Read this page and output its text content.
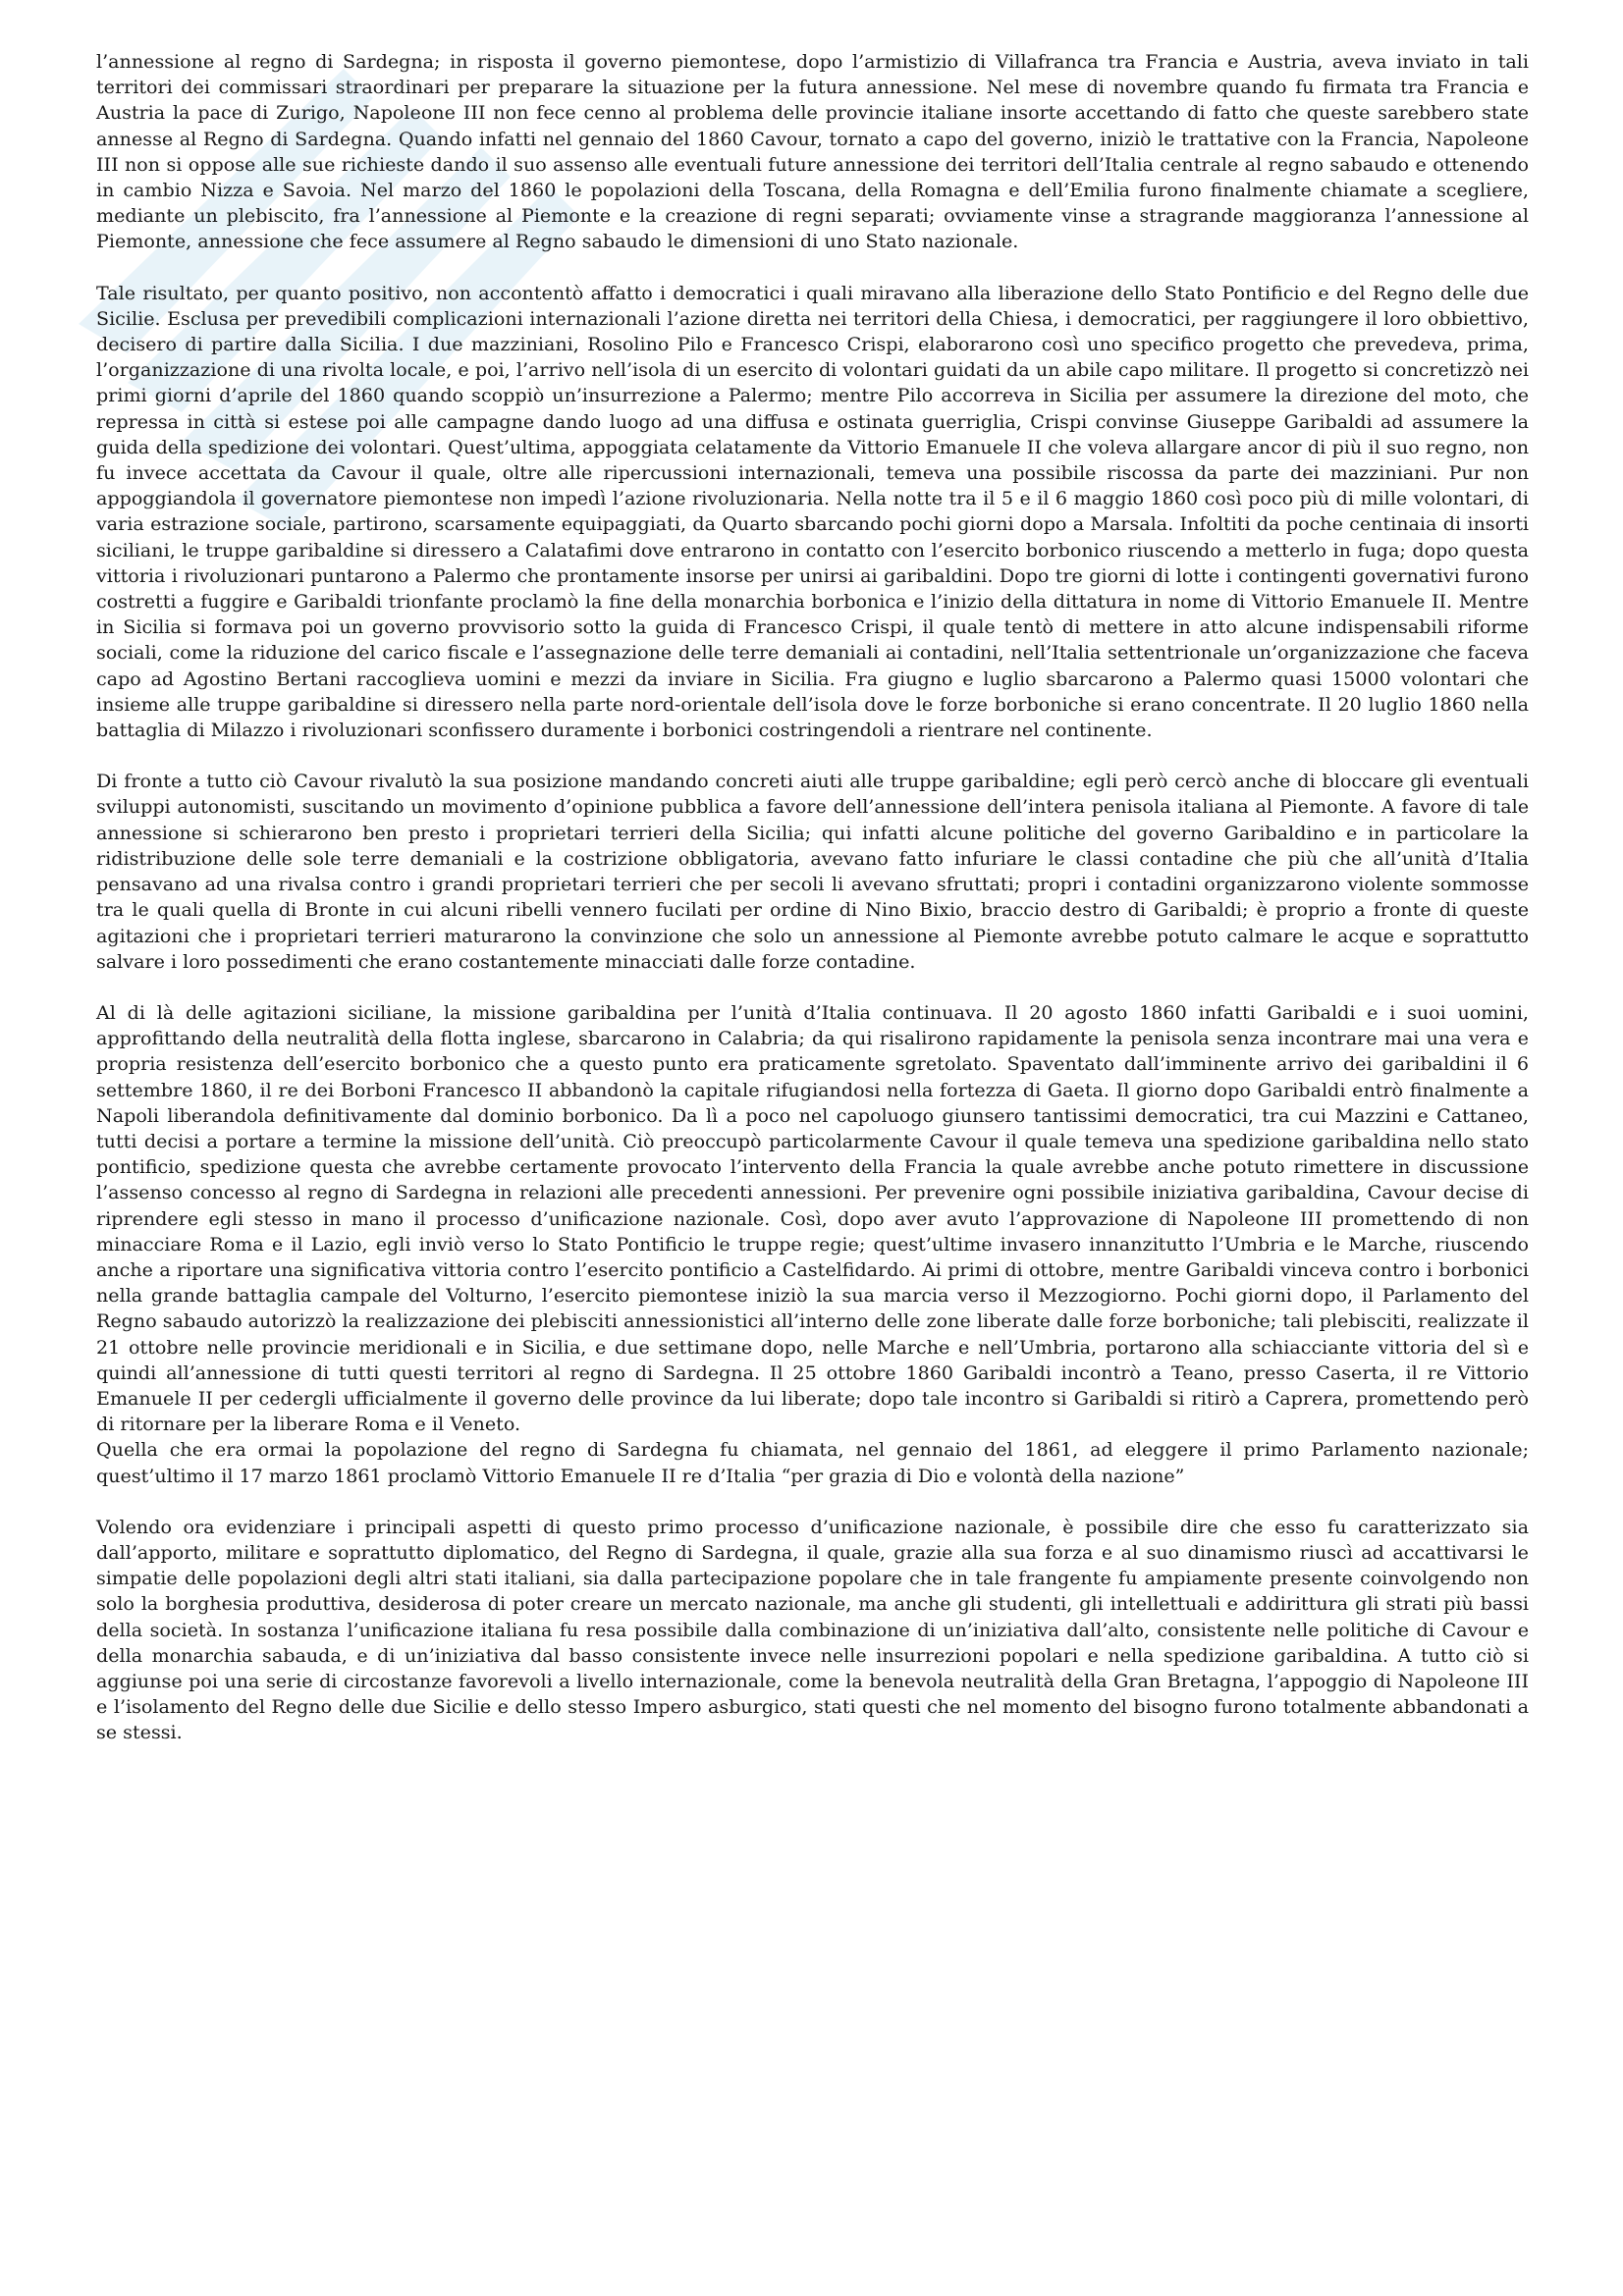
l’annessione al regno di Sardegna; in risposta il governo piemontese, dopo l’armistizio di Villafranca tra Francia e Austria, aveva inviato in tali territori dei commissari straordinari per preparare la situazione per la futura annessione. Nel mese di novembre quando fu firmata tra Francia e Austria la pace di Zurigo, Napoleone III non fece cenno al problema delle provincie italiane insorte accettando di fatto che queste sarebbero state annesse al Regno di Sardegna. Quando infatti nel gennaio del 1860 Cavour, tornato a capo del governo, iniziò le trattative con la Francia, Napoleone III non si oppose alle sue richieste dando il suo assenso alle eventuali future annessione dei territori dell’Italia centrale al regno sabaudo e ottenendo in cambio Nizza e Savoia. Nel marzo del 1860 le popolazioni della Toscana, della Romagna e dell’Emilia furono finalmente chiamate a scegliere, mediante un plebiscito, fra l’annessione al Piemonte e la creazione di regni separati; ovviamente vinse a stragrande maggioranza l’annessione al Piemonte, annessione che fece assumere al Regno sabaudo le dimensioni di uno Stato nazionale.

Tale risultato, per quanto positivo, non accontentò affatto i democratici i quali miravano alla liberazione dello Stato Pontificio e del Regno delle due Sicilie. Esclusa per prevedibili complicazioni internazionali l’azione diretta nei territori della Chiesa, i democratici, per raggiungere il loro obbiettivo, decisero di partire dalla Sicilia. I due mazziniani, Rosolino Pilo e Francesco Crispi, elaborarono così uno specifico progetto che prevedeva, prima, l’organizzazione di una rivolta locale, e poi, l’arrivo nell’isola di un esercito di volontari guidati da un abile capo militare. Il progetto si concretizzò nei primi giorni d’aprile del 1860 quando scoppiò un’insurrezione a Palermo; mentre Pilo accorreva in Sicilia per assumere la direzione del moto, che repressa in città si estese poi alle campagne dando luogo ad una diffusa e ostinata guerriglia, Crispi convinse Giuseppe Garibaldi ad assumere la guida della spedizione dei volontari. Quest’ultima, appoggiata celatamente da Vittorio Emanuele II che voleva allargare ancor di più il suo regno, non fu invece accettata da Cavour il quale, oltre alle ripercussioni internazionali, temeva una possibile riscossa da parte dei mazziniani. Pur non appoggiandola il governatore piemontese non impedì l’azione rivoluzionaria. Nella notte tra il 5 e il 6 maggio 1860 così poco più di mille volontari, di varia estrazione sociale, partirono, scarsamente equipaggiati, da Quarto sbarcando pochi giorni dopo a Marsala. Infoltiti da poche centinaia di insorti siciliani, le truppe garibaldine si diressero a Calatafimi dove entrarono in contatto con l’esercito borbonico riuscendo a metterlo in fuga; dopo questa vittoria i rivoluzionari puntarono a Palermo che prontamente insorse per unirsi ai garibaldini. Dopo tre giorni di lotte i contingenti governativi furono costretti a fuggire e Garibaldi trionfante proclamò la fine della monarchia borbonica e l’inizio della dittatura in nome di Vittorio Emanuele II. Mentre in Sicilia si formava poi un governo provvisorio sotto la guida di Francesco Crispi, il quale tentò di mettere in atto alcune indispensabili riforme sociali, come la riduzione del carico fiscale e l’assegnazione delle terre demaniali ai contadini, nell’Italia settentrionale un’organizzazione che faceva capo ad Agostino Bertani raccoglieva uomini e mezzi da inviare in Sicilia. Fra giugno e luglio sbarcarono a Palermo quasi 15000 volontari che insieme alle truppe garibaldine si diressero nella parte nord-orientale dell’isola dove le forze borboniche si erano concentrate. Il 20 luglio 1860 nella battaglia di Milazzo i rivoluzionari sconfissero duramente i borbonici costringendoli a rientrare nel continente.

Di fronte a tutto ciò Cavour rivalutò la sua posizione mandando concreti aiuti alle truppe garibaldine; egli però cercò anche di bloccare gli eventuali sviluppi autonomisti, suscitando un movimento d’opinione pubblica a favore dell’annessione dell’intera penisola italiana al Piemonte. A favore di tale annessione si schierarono ben presto i proprietari terrieri della Sicilia; qui infatti alcune politiche del governo Garibaldino e in particolare la ridistribuzione delle sole terre demaniali e la costrizione obbligatoria, avevano fatto infuriare le classi contadine che più che all’unità d’Italia pensavano ad una rivalsa contro i grandi proprietari terrieri che per secoli li avevano sfruttati; propri i contadini organizzarono violente sommosse tra le quali quella di Bronte in cui alcuni ribelli vennero fucilati per ordine di Nino Bixio, braccio destro di Garibaldi; è proprio a fronte di queste agitazioni che i proprietari terrieri maturarono la convinzione che solo un annessione al Piemonte avrebbe potuto calmare le acque e soprattutto salvare i loro possedimenti che erano costantemente minacciati dalle forze contadine.

Al di là delle agitazioni siciliane, la missione garibaldina per l’unità d’Italia continuava. Il 20 agosto 1860 infatti Garibaldi e i suoi uomini, approfittando della neutralità della flotta inglese, sbarcarono in Calabria; da qui risalirono rapidamente la penisola senza incontrare mai una vera e propria resistenza dell’esercito borbonico che a questo punto era praticamente sgretolato. Spaventato dall’imminente arrivo dei garibaldini il 6 settembre 1860, il re dei Borboni Francesco II abbandonò la capitale rifugiandosi nella fortezza di Gaeta. Il giorno dopo Garibaldi entrò finalmente a Napoli liberandola definitivamente dal dominio borbonico. Da lì a poco nel capoluogo giunsero tantissimi democratici, tra cui Mazzini e Cattaneo, tutti decisi a portare a termine la missione dell’unità. Ciò preoccupò particolarmente Cavour il quale temeva una spedizione garibaldina nello stato pontificio, spedizione questa che avrebbe certamente provocato l’intervento della Francia la quale avrebbe anche potuto rimettere in discussione l’assenso concesso al regno di Sardegna in relazioni alle precedenti annessioni. Per prevenire ogni possibile iniziativa garibaldina, Cavour decise di riprendere egli stesso in mano il processo d’unificazione nazionale. Così, dopo aver avuto l’approvazione di Napoleone III promettendo di non minacciare Roma e il Lazio, egli inviò verso lo Stato Pontificio le truppe regie; quest’ultime invasero innanzitutto l’Umbria e le Marche, riuscendo anche a riportare una significativa vittoria contro l’esercito pontificio a Castelfidardo. Ai primi di ottobre, mentre Garibaldi vinceva contro i borbonici nella grande battaglia campale del Volturno, l’esercito piemontese iniziò la sua marcia verso il Mezzogiorno. Pochi giorni dopo, il Parlamento del Regno sabaudo autorizzò la realizzazione dei plebisciti annessionistici all’interno delle zone liberate dalle forze borboniche; tali plebisciti, realizzate il 21 ottobre nelle provincie meridionali e in Sicilia, e due settimane dopo, nelle Marche e nell’Umbria, portarono alla schiacciante vittoria del sì e quindi all’annessione di tutti questi territori al regno di Sardegna. Il 25 ottobre 1860 Garibaldi incontrò a Teano, presso Caserta, il re Vittorio Emanuele II per cedergli ufficialmente il governo delle province da lui liberate; dopo tale incontro si Garibaldi si ritirò a Caprera, promettendo però di ritornare per la liberare Roma e il Veneto.

Quella che era ormai la popolazione del regno di Sardegna fu chiamata, nel gennaio del 1861, ad eleggere il primo Parlamento nazionale; quest’ultimo il 17 marzo 1861 proclamò Vittorio Emanuele II re d’Italia “per grazia di Dio e volontà della nazione”

Volendo ora evidenziare i principali aspetti di questo primo processo d’unificazione nazionale, è possibile dire che esso fu caratterizzato sia dall’apporto, militare e soprattutto diplomatico, del Regno di Sardegna, il quale, grazie alla sua forza e al suo dinamismo riuscì ad accattivarsi le simpatie delle popolazioni degli altri stati italiani, sia dalla partecipazione popolare che in tale frangente fu ampiamente presente coinvolgendo non solo la borghesia produttiva, desiderosa di poter creare un mercato nazionale, ma anche gli studenti, gli intellettuali e addirittura gli strati più bassi della società. In sostanza l’unificazione italiana fu resa possibile dalla combinazione di un’iniziativa dall’alto, consistente nelle politiche di Cavour e della monarchia sabauda, e di un’iniziativa dal basso consistente invece nelle insurrezioni popolari e nella spedizione garibaldina. A tutto ciò si aggiunse poi una serie di circostanze favorevoli a livello internazionale, come la benevola neutralità della Gran Bretagna, l’appoggio di Napoleone III e l’isolamento del Regno delle due Sicilie e dello stesso Impero asburgico, stati questi che nel momento del bisogno furono totalmente abbandonati a se stessi.
